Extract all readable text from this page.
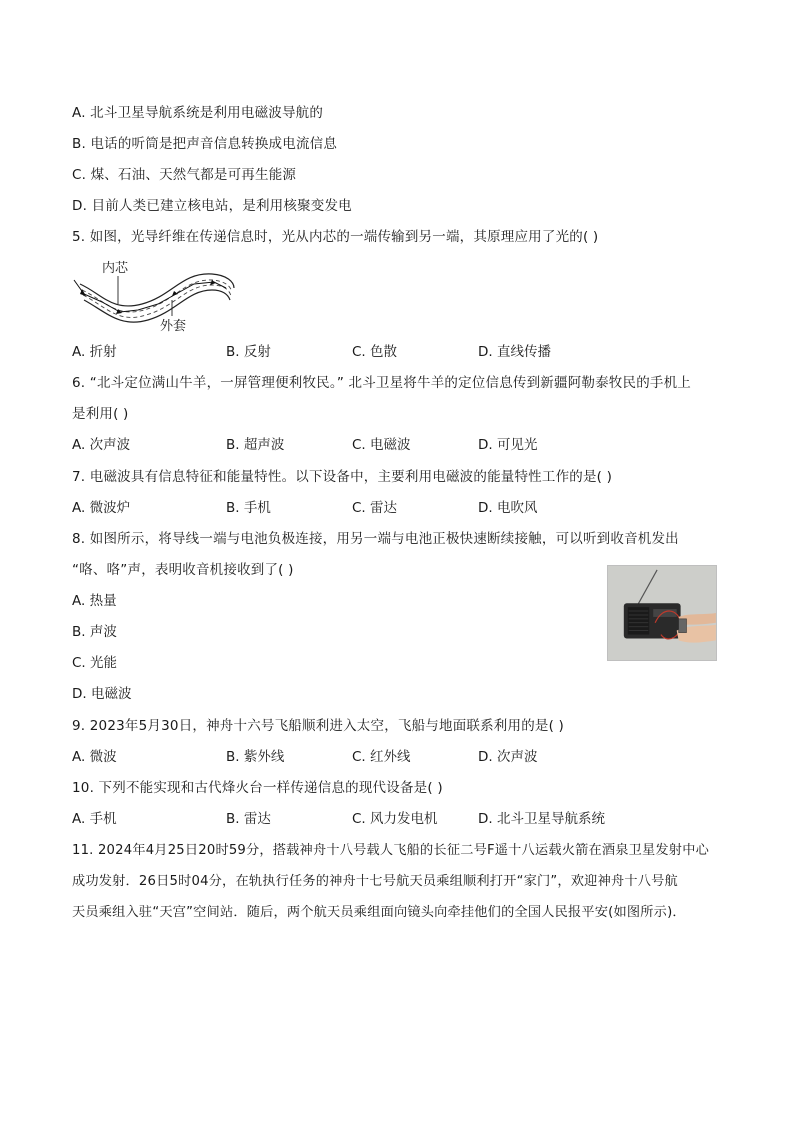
A. 北斗卫星导航系统是利用电磁波导航的
B. 电话的听筒是把声音信息转换成电流信息
C. 煤、石油、天然气都是可再生能源
D. 目前人类已建立核电站，是利用核聚变发电
5. 如图，光导纤维在传递信息时，光从内芯的一端传输到另一端，其原理应用了光的( )
内芯
外套
A. 折射	B. 反射	C. 色散	D. 直线传播
6. “北斗定位满山牛羊，一屏管理便利牧民。” 北斗卫星将牛羊的定位信息传到新疆阿勒泰牧民的手机上
是利用( )
A. 次声波	B. 超声波	C. 电磁波	D. 可见光
7. 电磁波具有信息特征和能量特性。以下设备中，主要利用电磁波的能量特性工作的是( )
A. 微波炉	B. 手机	C. 雷达	D. 电吹风
8. 如图所示，将导线一端与电池负极连接，用另一端与电池正极快速断续接触，可以听到收音机发出
“咯、咯”声，表明收音机接收到了( )
A. 热量
B. 声波
C. 光能
D. 电磁波
9. 2023年5月30日，神舟十六号飞船顺利进入太空，飞船与地面联系利用的是( )
A. 微波	B. 紫外线	C. 红外线	D. 次声波
10. 下列不能实现和古代烽火台一样传递信息的现代设备是( )
A. 手机	B. 雷达	C. 风力发电机	D. 北斗卫星导航系统
11. 2024年4月25日20时59分，搭载神舟十八号载人飞船的长征二号F遥十八运载火箭在酒泉卫星发射中心
成功发射．26日5时04分，在轨执行任务的神舟十七号航天员乘组顺利打开“家门”，欢迎神舟十八号航
天员乘组入驻“天宫”空间站．随后，两个航天员乘组面向镜头向牵挂他们的全国人民报平安(如图所示)．
